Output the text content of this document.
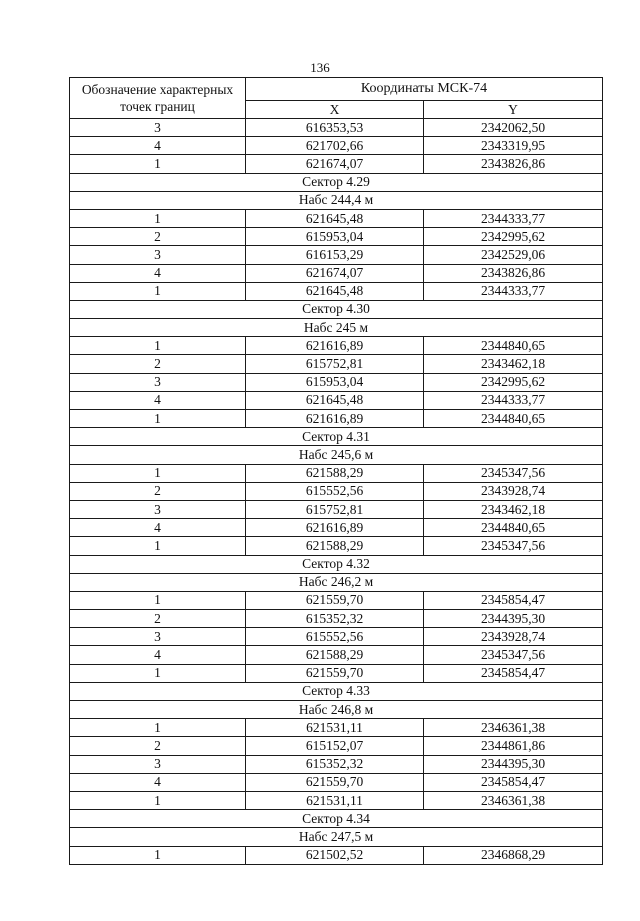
136
Обозначение характерных точек границ	Координаты МСК-74	
	X	Y
3	616353,53	2342062,50
4	621702,66	2343319,95
1	621674,07	2343826,86
Сектор 4.29		
Набс 244,4 м		
1	621645,48	2344333,77
2	615953,04	2342995,62
3	616153,29	2342529,06
4	621674,07	2343826,86
1	621645,48	2344333,77
Сектор 4.30		
Набс 245 м		
1	621616,89	2344840,65
2	615752,81	2343462,18
3	615953,04	2342995,62
4	621645,48	2344333,77
1	621616,89	2344840,65
Сектор 4.31		
Набс 245,6 м		
1	621588,29	2345347,56
2	615552,56	2343928,74
3	615752,81	2343462,18
4	621616,89	2344840,65
1	621588,29	2345347,56
Сектор 4.32		
Набс 246,2 м		
1	621559,70	2345854,47
2	615352,32	2344395,30
3	615552,56	2343928,74
4	621588,29	2345347,56
1	621559,70	2345854,47
Сектор 4.33		
Набс 246,8 м		
1	621531,11	2346361,38
2	615152,07	2344861,86
3	615352,32	2344395,30
4	621559,70	2345854,47
1	621531,11	2346361,38
Сектор 4.34		
Набс 247,5 м		
1	621502,52	2346868,29
